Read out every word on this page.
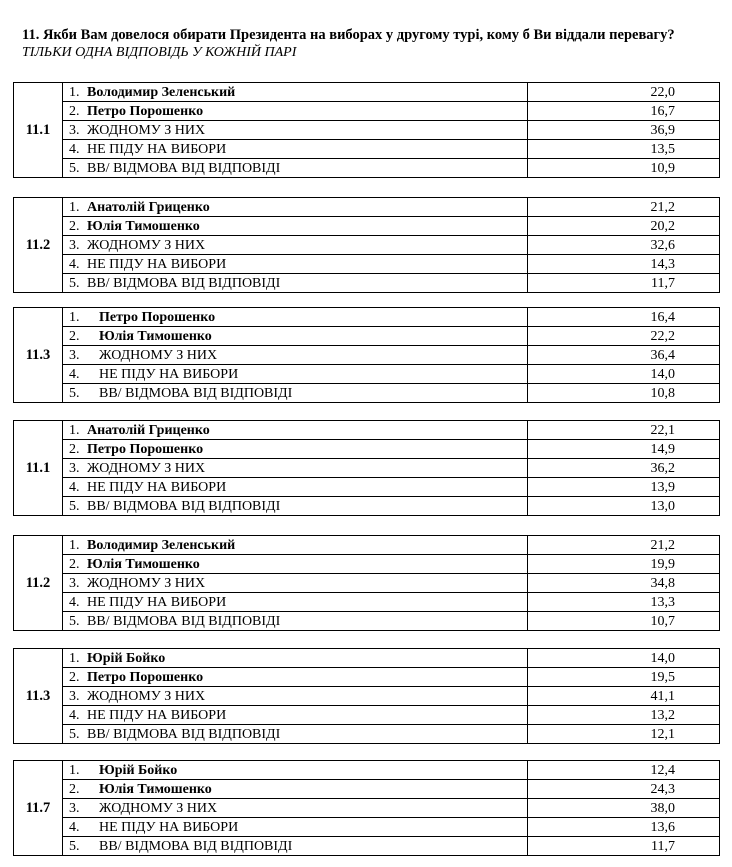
11. Якби Вам довелося обирати Президента на виборах у другому турі, кому б Ви віддали перевагу?
ТІЛЬКИ ОДНА ВІДПОВІДЬ У КОЖНІЙ ПАРІ
11.1	1. Володимир Зеленський	22,0
	2. Петро Порошенко	16,7
	3. ЖОДНОМУ З НИХ	36,9
	4. НЕ ПІДУ НА ВИБОРИ	13,5
	5. ВВ/ ВІДМОВА ВІД ВІДПОВІДІ	10,9
11.2	1. Анатолій Гриценко	21,2
	2. Юлія Тимошенко	20,2
	3. ЖОДНОМУ З НИХ	32,6
	4. НЕ ПІДУ НА ВИБОРИ	14,3
	5. ВВ/ ВІДМОВА ВІД ВІДПОВІДІ	11,7
11.3	1. Петро Порошенко	16,4
	2. Юлія Тимошенко	22,2
	3. ЖОДНОМУ З НИХ	36,4
	4. НЕ ПІДУ НА ВИБОРИ	14,0
	5. ВВ/ ВІДМОВА ВІД ВІДПОВІДІ	10,8
11.1	1. Анатолій Гриценко	22,1
	2. Петро Порошенко	14,9
	3. ЖОДНОМУ З НИХ	36,2
	4. НЕ ПІДУ НА ВИБОРИ	13,9
	5. ВВ/ ВІДМОВА ВІД ВІДПОВІДІ	13,0
11.2	1. Володимир Зеленський	21,2
	2. Юлія Тимошенко	19,9
	3. ЖОДНОМУ З НИХ	34,8
	4. НЕ ПІДУ НА ВИБОРИ	13,3
	5. ВВ/ ВІДМОВА ВІД ВІДПОВІДІ	10,7
11.3	1. Юрій Бойко	14,0
	2. Петро Порошенко	19,5
	3. ЖОДНОМУ З НИХ	41,1
	4. НЕ ПІДУ НА ВИБОРИ	13,2
	5. ВВ/ ВІДМОВА ВІД ВІДПОВІДІ	12,1
11.7	1. Юрій Бойко	12,4
	2. Юлія Тимошенко	24,3
	3. ЖОДНОМУ З НИХ	38,0
	4. НЕ ПІДУ НА ВИБОРИ	13,6
	5. ВВ/ ВІДМОВА ВІД ВІДПОВІДІ	11,7
